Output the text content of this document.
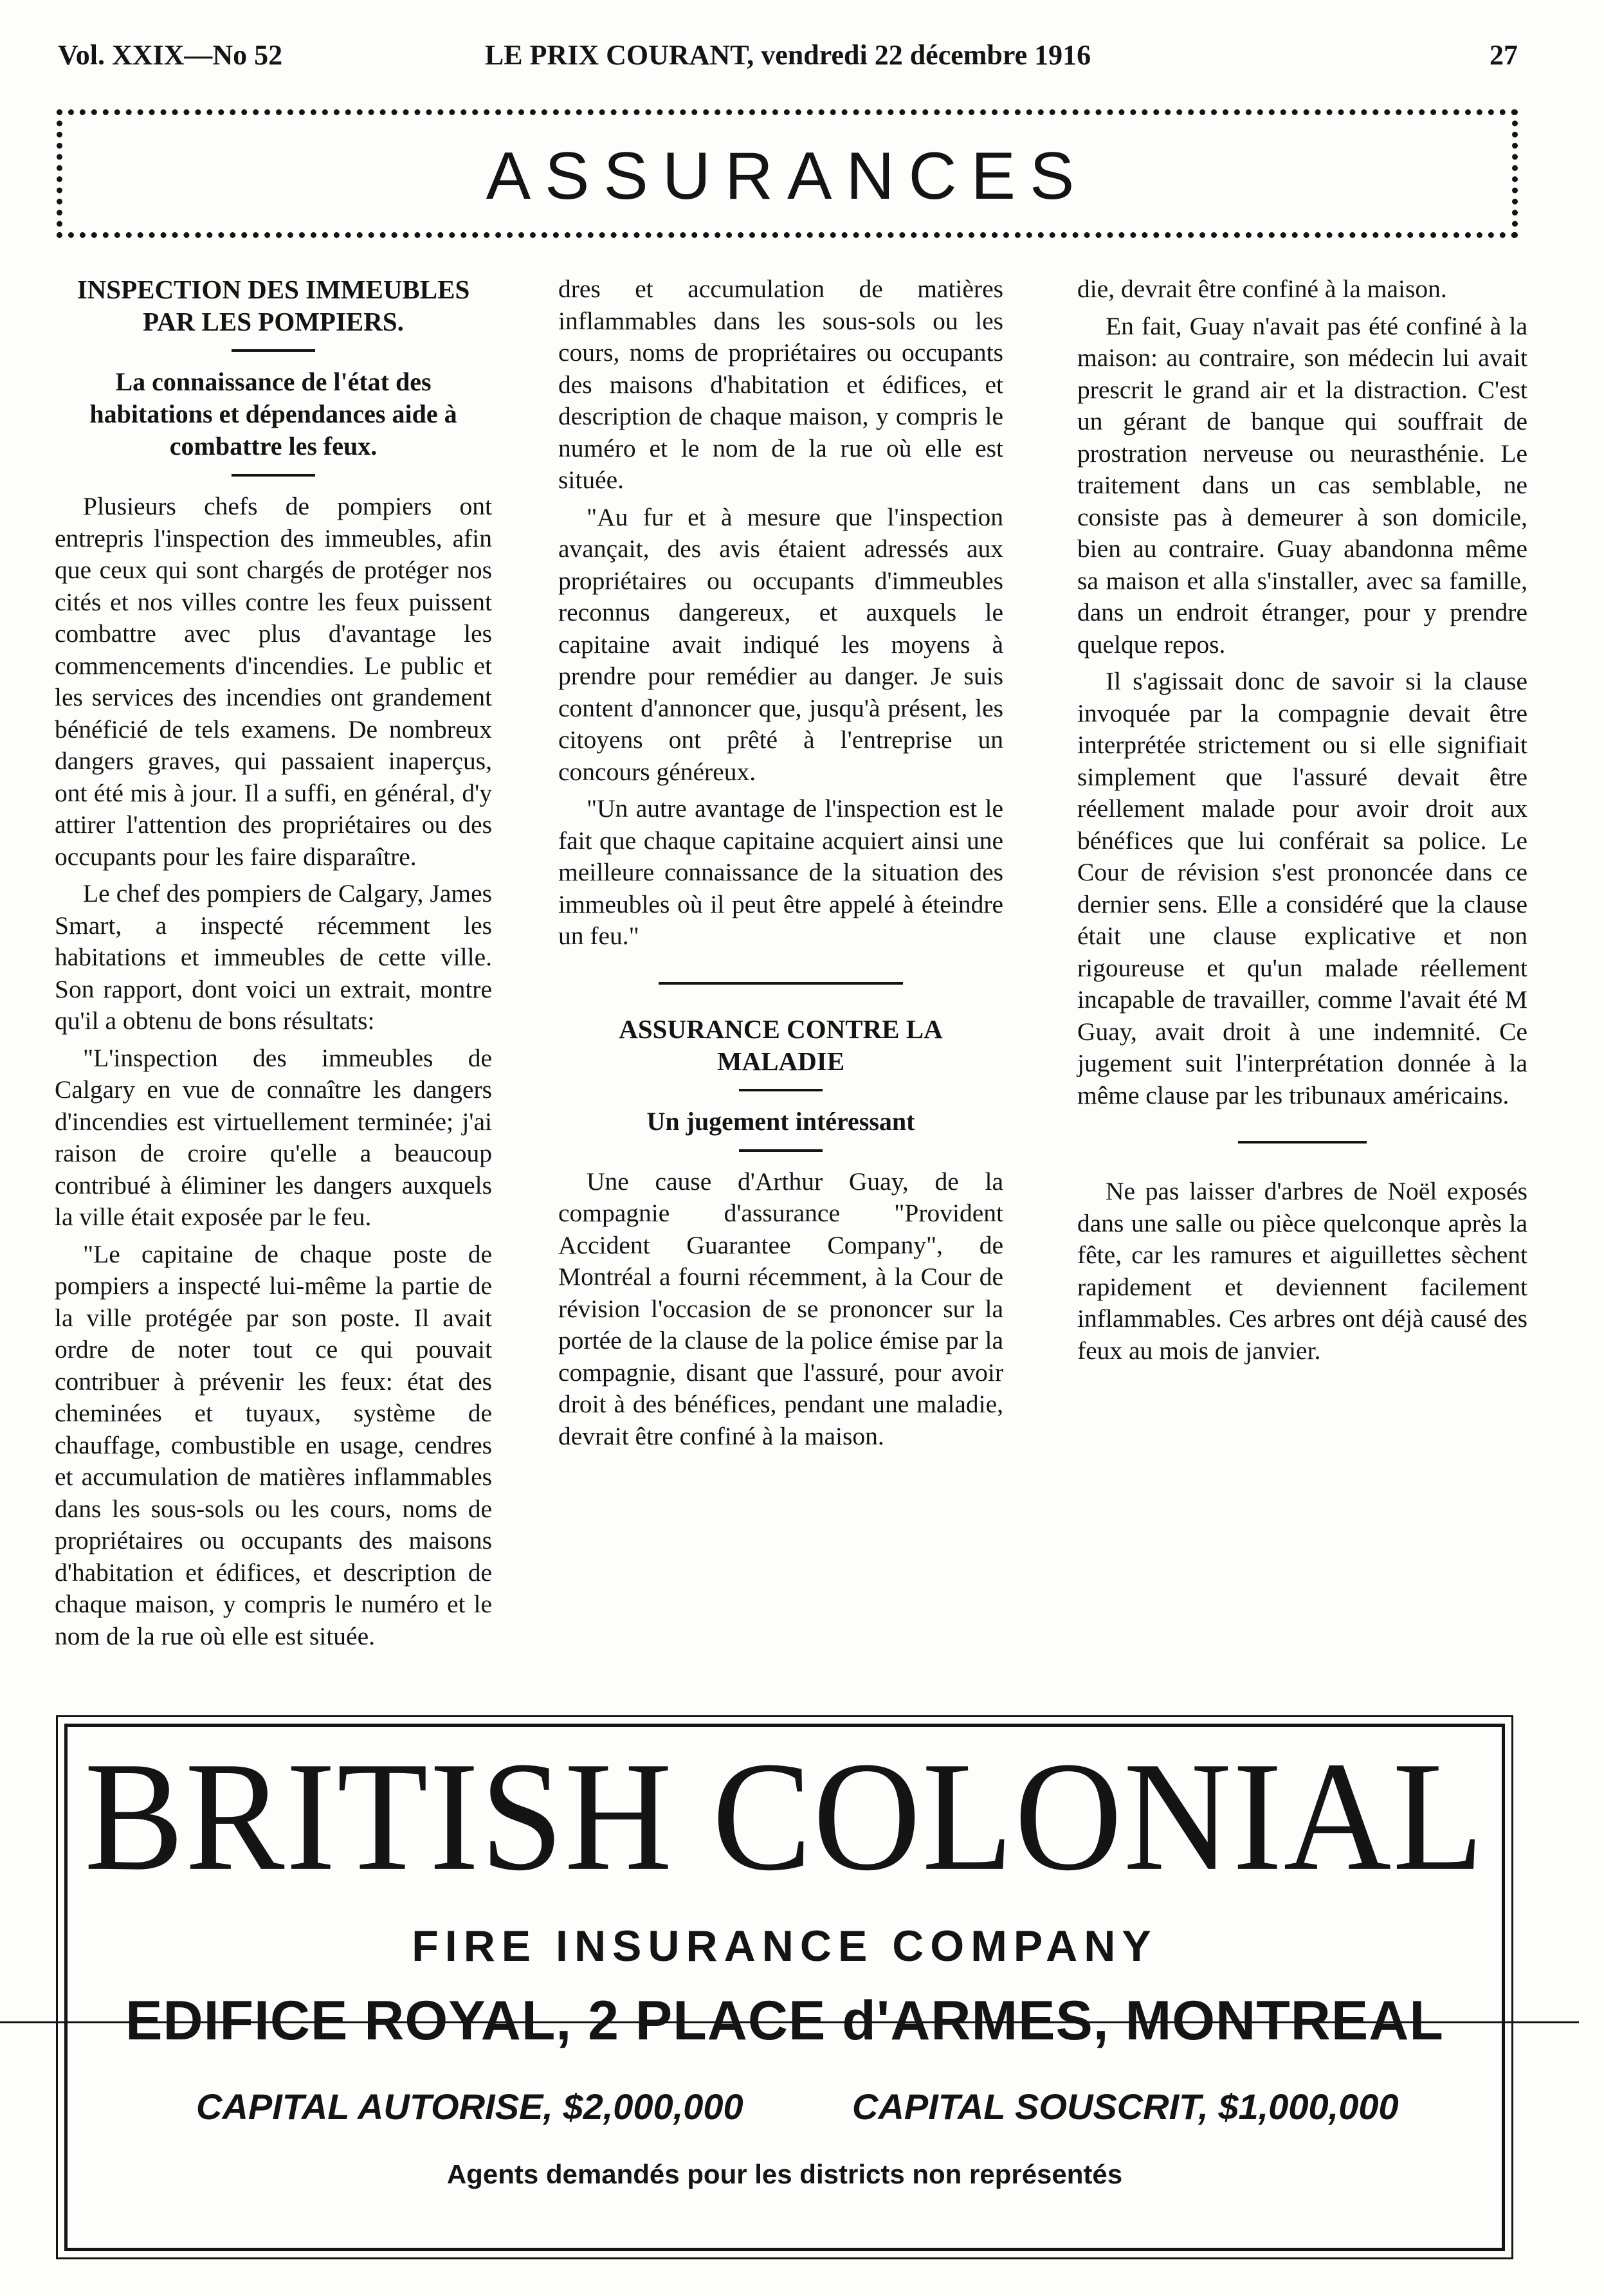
Vol. XXIX—No 52	LE PRIX COURANT, vendredi 22 décembre 1916	27
ASSURANCES
INSPECTION DES IMMEUBLES PAR LES POMPIERS.
La connaissance de l'état des habitations et dépendances aide à combattre les feux.

Plusieurs chefs de pompiers ont entrepris l'inspection des immeubles, afin que ceux qui sont chargés de protéger nos cités et nos villes contre les feux puissent combattre avec plus d'avantage les commencements d'incendies. Le public et les services des incendies ont grandement bénéficié de tels examens. De nombreux dangers graves, qui passaient inaperçus, ont été mis à jour. Il a suffi, en général, d'y attirer l'attention des propriétaires ou des occupants pour les faire disparaître.

Le chef des pompiers de Calgary, James Smart, a inspecté récemment les habitations et immeubles de cette ville. Son rapport, dont voici un extrait, montre qu'il a obtenu de bons résultats:

"L'inspection des immeubles de Calgary en vue de connaître les dangers d'incendies est virtuellement terminée; j'ai raison de croire qu'elle a beaucoup contribué à éliminer les dangers auxquels la ville était exposée par le feu.

"Le capitaine de chaque poste de pompiers a inspecté lui-même la partie de la ville protégée par son poste. Il avait ordre de noter tout ce qui pouvait contribuer à prévenir les feux: état des cheminées et tuyaux, système de chauffage, combustible en usage, cendres et accumulation de matières inflammables dans les sous-sols ou les cours, noms de propriétaires ou occupants des maisons d'habitation et édifices, et description de chaque maison, y compris le numéro et le nom de la rue où elle est située.

dres et accumulation de matières inflammables dans les sous-sols ou les cours, noms de propriétaires ou occupants des maisons d'habitation et édifices, et description de chaque maison, y compris le numéro et le nom de la rue où elle est située.

"Au fur et à mesure que l'inspection avançait, des avis étaient adressés aux propriétaires ou occupants d'immeubles reconnus dangereux, et auxquels le capitaine avait indiqué les moyens à prendre pour remédier au danger. Je suis content d'annoncer que, jusqu'à présent, les citoyens ont prêté à l'entreprise un concours généreux.

"Un autre avantage de l'inspection est le fait que chaque capitaine acquiert ainsi une meilleure connaissance de la situation des immeubles où il peut être appelé à éteindre un feu."

ASSURANCE CONTRE LA MALADIE
Un jugement intéressant

Une cause d'Arthur Guay, de la compagnie d'assurance "Provident Accident Guarantee Company", de Montréal a fourni récemment, à la Cour de révision l'occasion de se prononcer sur la portée de la clause de la police émise par la compagnie, disant que l'assuré, pour avoir droit à des bénéfices, pendant une maladie, devrait être confiné à la maison.

die, devrait être confiné à la maison.

En fait, Guay n'avait pas été confiné à la maison: au contraire, son médecin lui avait prescrit le grand air et la distraction. C'est un gérant de banque qui souffrait de prostration nerveuse ou neurasthénie. Le traitement dans un cas semblable, ne consiste pas à demeurer à son domicile, bien au contraire. Guay abandonna même sa maison et alla s'installer, avec sa famille, dans un endroit étranger, pour y prendre quelque repos.

Il s'agissait donc de savoir si la clause invoquée par la compagnie devait être interprétée strictement ou si elle signifiait simplement que l'assuré devait être réellement malade pour avoir droit aux bénéfices que lui conférait sa police. Le Cour de révision s'est prononcée dans ce dernier sens. Elle a considéré que la clause était une clause explicative et non rigoureuse et qu'un malade réellement incapable de travailler, comme l'avait été M Guay, avait droit à une indemnité. Ce jugement suit l'interprétation donnée à la même clause par les tribunaux américains.

Ne pas laisser d'arbres de Noël exposés dans une salle ou pièce quelconque après la fête, car les ramures et aiguillettes sèchent rapidement et deviennent facilement inflammables. Ces arbres ont déjà causé des feux au mois de janvier.

BRITISH COLONIAL
FIRE INSURANCE COMPANY
EDIFICE ROYAL, 2 PLACE d'ARMES, MONTREAL
CAPITAL AUTORISE, $2,000,000	CAPITAL SOUSCRIT, $1,000,000
Agents demandés pour les districts non représentés
